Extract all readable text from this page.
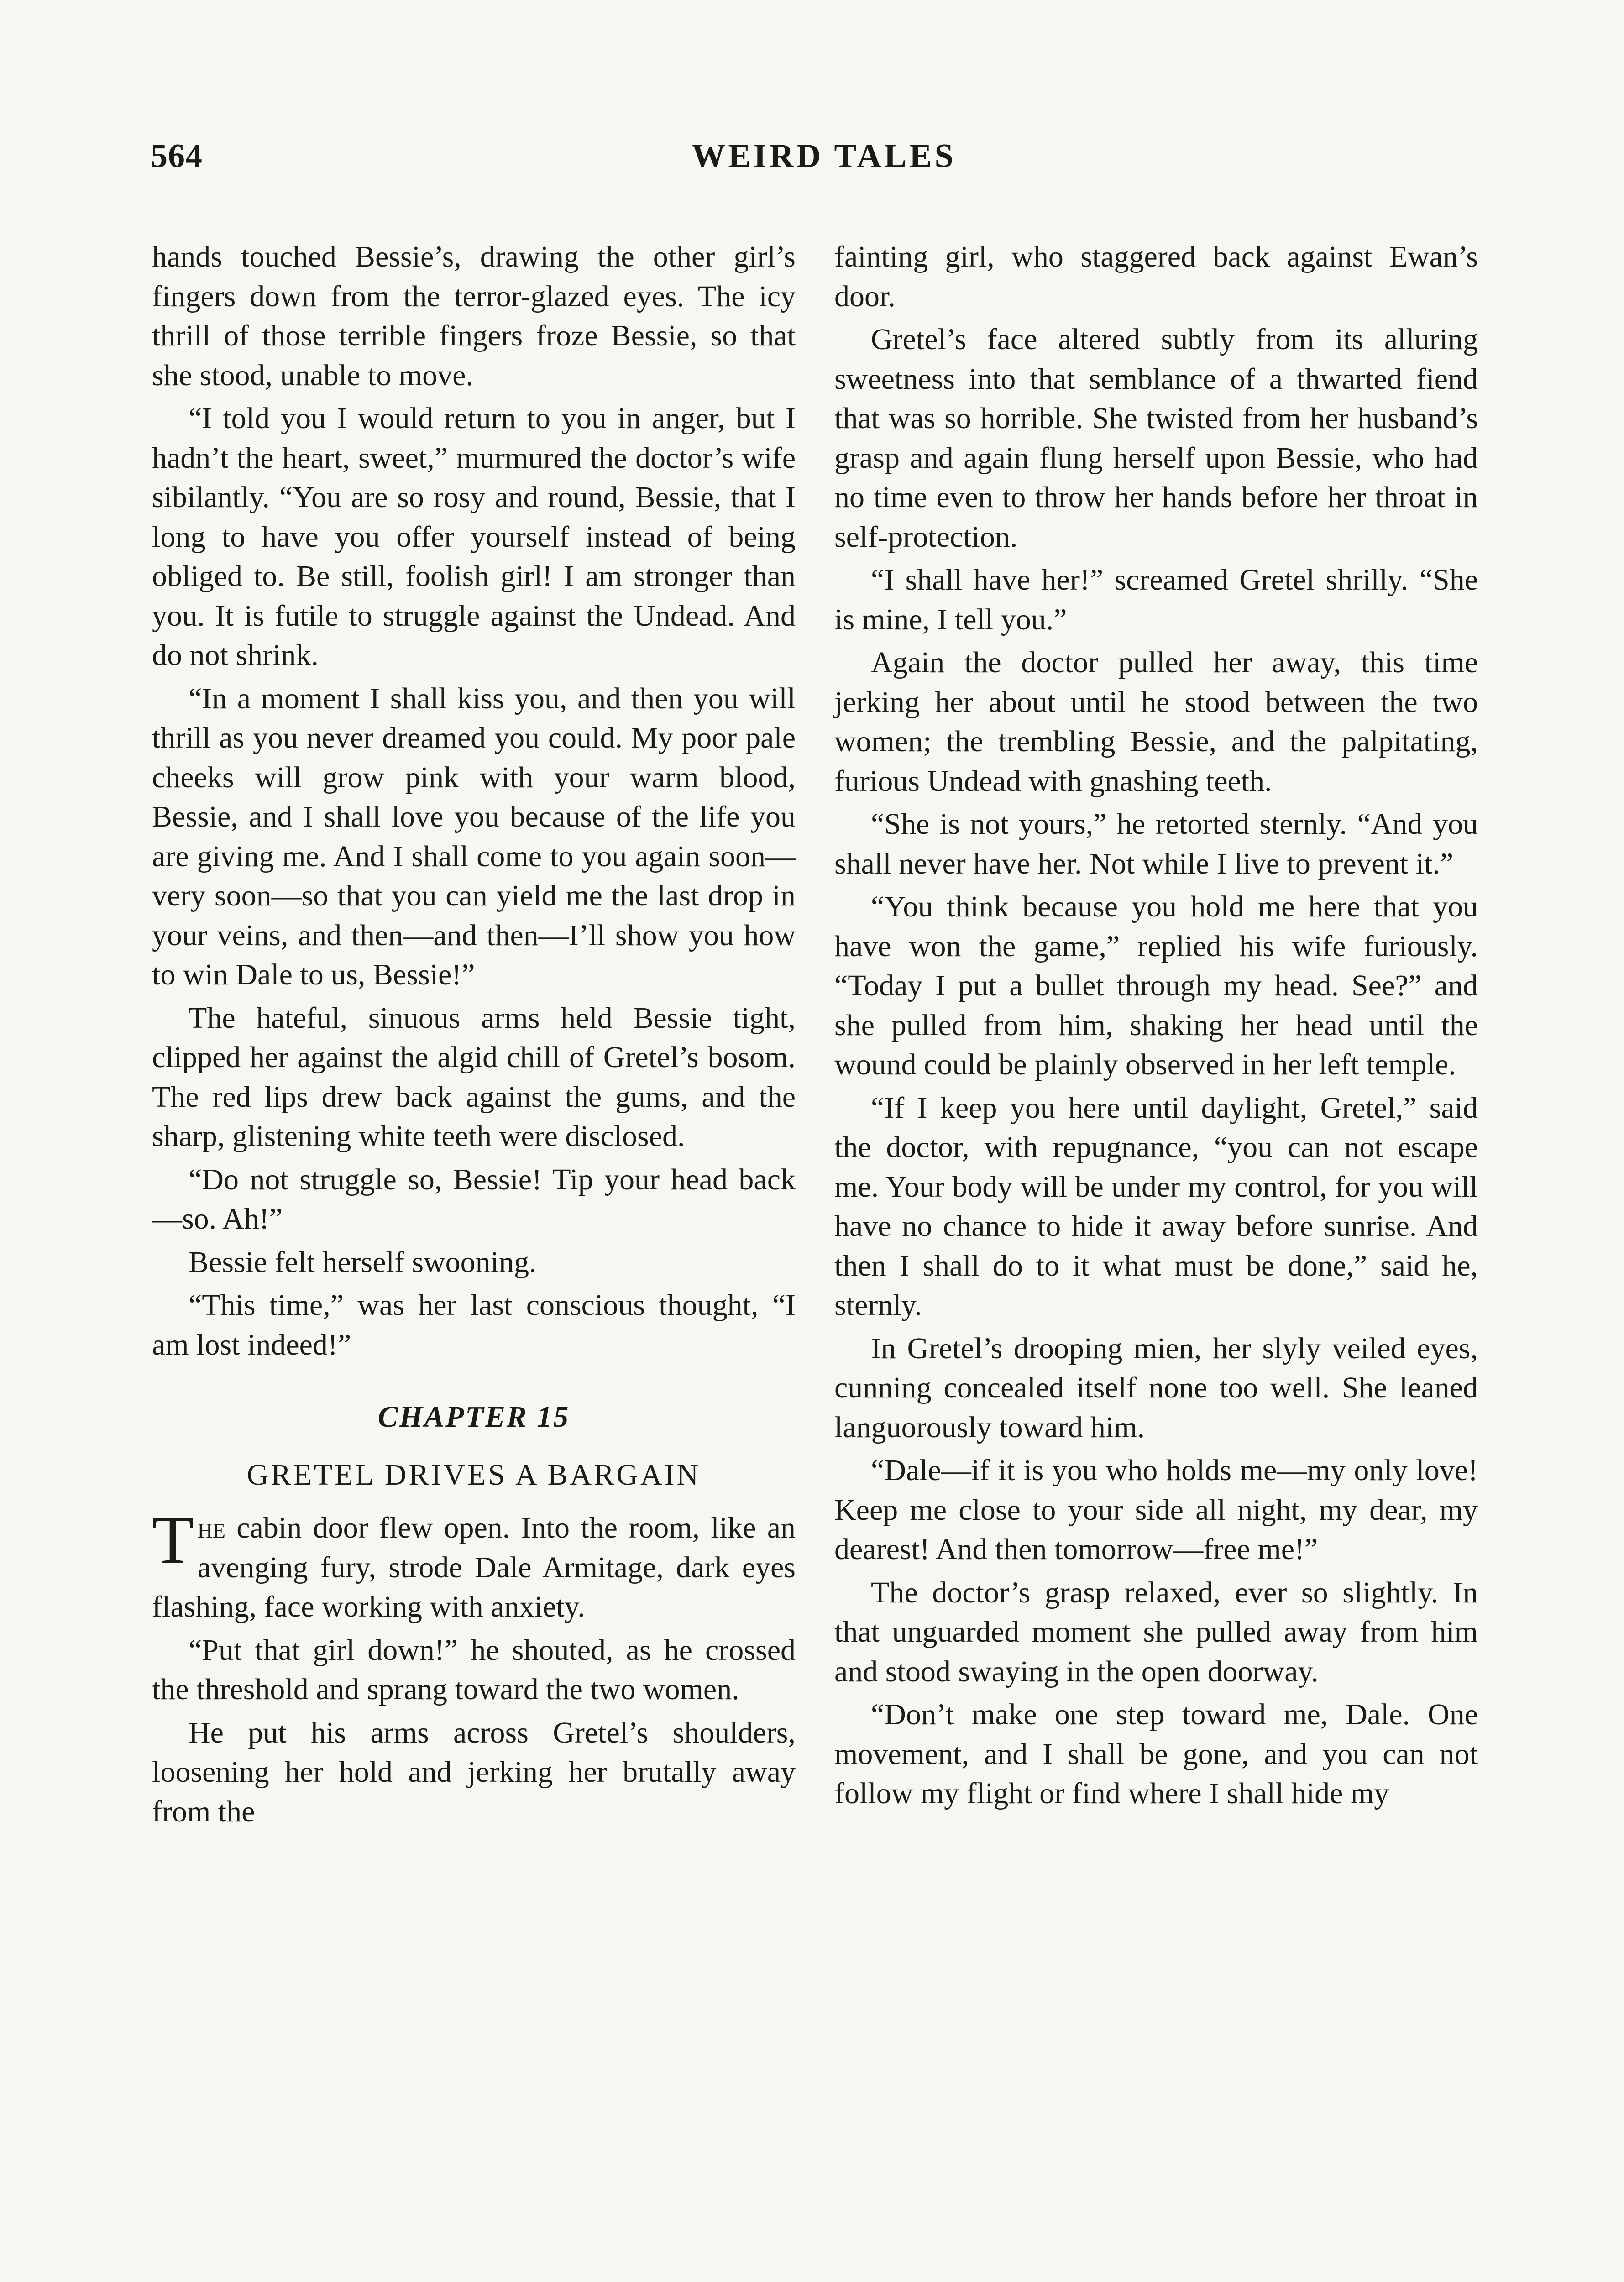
564	WEIRD TALES

hands touched Bessie’s, drawing the other girl’s fingers down from the terror-glazed eyes. The icy thrill of those terrible fingers froze Bessie, so that she stood, unable to move.

“I told you I would return to you in anger, but I hadn’t the heart, sweet,” murmured the doctor’s wife sibilantly. “You are so rosy and round, Bessie, that I long to have you offer yourself instead of being obliged to. Be still, foolish girl! I am stronger than you. It is futile to struggle against the Undead. And do not shrink.

“In a moment I shall kiss you, and then you will thrill as you never dreamed you could. My poor pale cheeks will grow pink with your warm blood, Bessie, and I shall love you because of the life you are giving me. And I shall come to you again soon—very soon—so that you can yield me the last drop in your veins, and then—and then—I’ll show you how to win Dale to us, Bessie!”

The hateful, sinuous arms held Bessie tight, clipped her against the algid chill of Gretel’s bosom. The red lips drew back against the gums, and the sharp, glistening white teeth were disclosed.

“Do not struggle so, Bessie! Tip your head back—so. Ah!”

Bessie felt herself swooning.

“This time,” was her last conscious thought, “I am lost indeed!”

CHAPTER 15
GRETEL DRIVES A BARGAIN

The cabin door flew open. Into the room, like an avenging fury, strode Dale Armitage, dark eyes flashing, face working with anxiety.

“Put that girl down!” he shouted, as he crossed the threshold and sprang toward the two women.

He put his arms across Gretel’s shoulders, loosening her hold and jerking her brutally away from the

fainting girl, who staggered back against Ewan’s door.

Gretel’s face altered subtly from its alluring sweetness into that semblance of a thwarted fiend that was so horrible. She twisted from her husband’s grasp and again flung herself upon Bessie, who had no time even to throw her hands before her throat in self-protection.

“I shall have her!” screamed Gretel shrilly. “She is mine, I tell you.”

Again the doctor pulled her away, this time jerking her about until he stood between the two women; the trembling Bessie, and the palpitating, furious Undead with gnashing teeth.

“She is not yours,” he retorted sternly. “And you shall never have her. Not while I live to prevent it.”

“You think because you hold me here that you have won the game,” replied his wife furiously. “Today I put a bullet through my head. See?” and she pulled from him, shaking her head until the wound could be plainly observed in her left temple.

“If I keep you here until daylight, Gretel,” said the doctor, with repugnance, “you can not escape me. Your body will be under my control, for you will have no chance to hide it away before sunrise. And then I shall do to it what must be done,” said he, sternly.

In Gretel’s drooping mien, her slyly veiled eyes, cunning concealed itself none too well. She leaned languorously toward him.

“Dale—if it is you who holds me—my only love! Keep me close to your side all night, my dear, my dearest! And then tomorrow—free me!”

The doctor’s grasp relaxed, ever so slightly. In that unguarded moment she pulled away from him and stood swaying in the open doorway.

“Don’t make one step toward me, Dale. One movement, and I shall be gone, and you can not follow my flight or find where I shall hide my
